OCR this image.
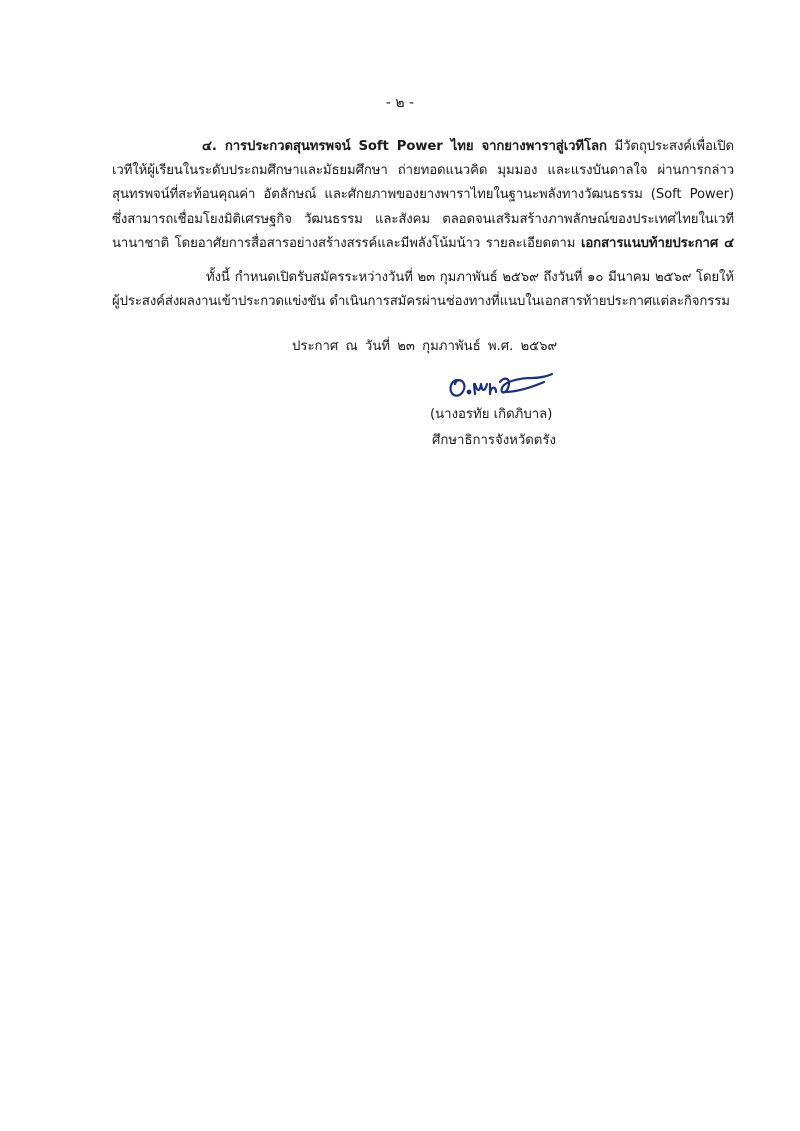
- ๒ -
๔. การประกวดสุนทรพจน์ Soft Power ไทย จากยางพาราสู่เวทีโลก มีวัตถุประสงค์เพื่อเปิด
เวทีให้ผู้เรียนในระดับประถมศึกษาและมัธยมศึกษา ถ่ายทอดแนวคิด มุมมอง และแรงบันดาลใจ ผ่านการกล่าว
สุนทรพจน์ที่สะท้อนคุณค่า อัตลักษณ์ และศักยภาพของยางพาราไทยในฐานะพลังทางวัฒนธรรม (Soft Power)
ซึ่งสามารถเชื่อมโยงมิติเศรษฐกิจ วัฒนธรรม และสังคม ตลอดจนเสริมสร้างภาพลักษณ์ของประเทศไทยในเวที
นานาชาติ โดยอาศัยการสื่อสารอย่างสร้างสรรค์และมีพลังโน้มน้าว รายละเอียดตาม เอกสารแนบท้ายประกาศ ๔
ทั้งนี้ กำหนดเปิดรับสมัครระหว่างวันที่ ๒๓ กุมภาพันธ์ ๒๕๖๙ ถึงวันที่ ๑๐ มีนาคม ๒๕๖๙ โดยให้
ผู้ประสงค์ส่งผลงานเข้าประกวดแข่งขัน ดำเนินการสมัครผ่านช่องทางที่แนบในเอกสารท้ายประกาศแต่ละกิจกรรม
ประกาศ ณ วันที่ ๒๓ กุมภาพันธ์ พ.ศ. ๒๕๖๙
(นางอรทัย เกิดภิบาล)
ศึกษาธิการจังหวัดตรัง
